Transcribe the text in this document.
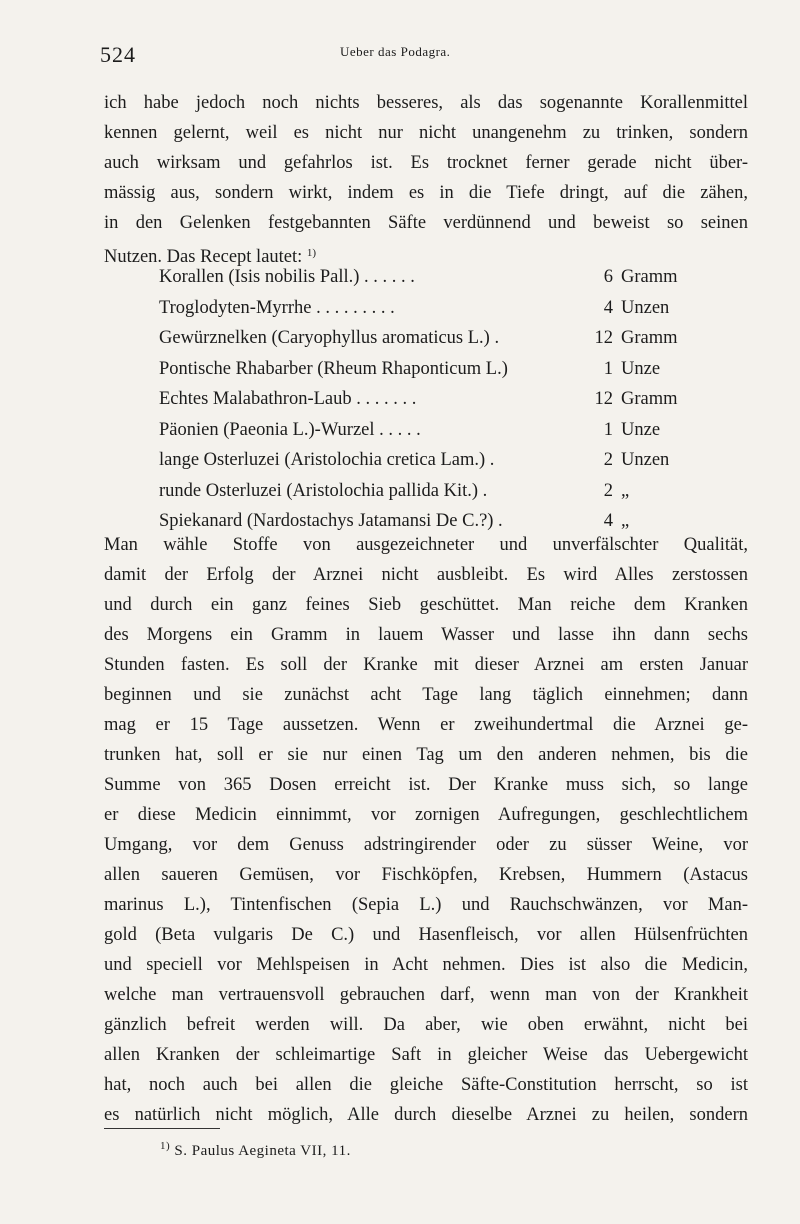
524	Ueber das Podagra.
ich habe jedoch noch nichts besseres, als das sogenannte Korallenmittel
kennen gelernt, weil es nicht nur nicht unangenehm zu trinken, sondern
auch wirksam und gefahrlos ist. Es trocknet ferner gerade nicht über-
mässig aus, sondern wirkt, indem es in die Tiefe dringt, auf die zähen,
in den Gelenken festgebannten Säfte verdünnend und beweist so seinen
Nutzen. Das Recept lautet: $^{1)}$
Korallen (Isis nobilis Pall.) . . . . . .	6 Gramm
Troglodyten-Myrrhe . . . . . . . . .	4 Unzen
Gewürznelken (Caryophyllus aromaticus L.) .	12 Gramm
Pontische Rhabarber (Rheum Rhaponticum L.)	1 Unze
Echtes Malabathron-Laub . . . . . . .	12 Gramm
Päonien (Paeonia L.)-Wurzel . . . . .	1 Unze
lange Osterluzei (Aristolochia cretica Lam.) .	2 Unzen
runde Osterluzei (Aristolochia pallida Kit.) .	2 „
Spiekanard (Nardostachys Jatamansi De C.?) .	4 „
Man wähle Stoffe von ausgezeichneter und unverfälschter Qualität,
damit der Erfolg der Arznei nicht ausbleibt. Es wird Alles zerstossen
und durch ein ganz feines Sieb geschüttet. Man reiche dem Kranken
des Morgens ein Gramm in lauem Wasser und lasse ihn dann sechs
Stunden fasten. Es soll der Kranke mit dieser Arznei am ersten Januar
beginnen und sie zunächst acht Tage lang täglich einnehmen; dann
mag er 15 Tage aussetzen. Wenn er zweihundertmal die Arznei ge-
trunken hat, soll er sie nur einen Tag um den anderen nehmen, bis die
Summe von 365 Dosen erreicht ist. Der Kranke muss sich, so lange
er diese Medicin einnimmt, vor zornigen Aufregungen, geschlechtlichem
Umgang, vor dem Genuss adstringirender oder zu süsser Weine, vor
allen saueren Gemüsen, vor Fischköpfen, Krebsen, Hummern (Astacus
marinus L.), Tintenfischen (Sepia L.) und Rauchschwänzen, vor Man-
gold (Beta vulgaris De C.) und Hasenfleisch, vor allen Hülsenfrüchten
und speciell vor Mehlspeisen in Acht nehmen. Dies ist also die Medicin,
welche man vertrauensvoll gebrauchen darf, wenn man von der Krankheit
gänzlich befreit werden will. Da aber, wie oben erwähnt, nicht bei
allen Kranken der schleimartige Saft in gleicher Weise das Uebergewicht
hat, noch auch bei allen die gleiche Säfte-Constitution herrscht, so ist
es natürlich nicht möglich, Alle durch dieselbe Arznei zu heilen, sondern
$^{1)}$ S. Paulus Aegineta VII, 11.
